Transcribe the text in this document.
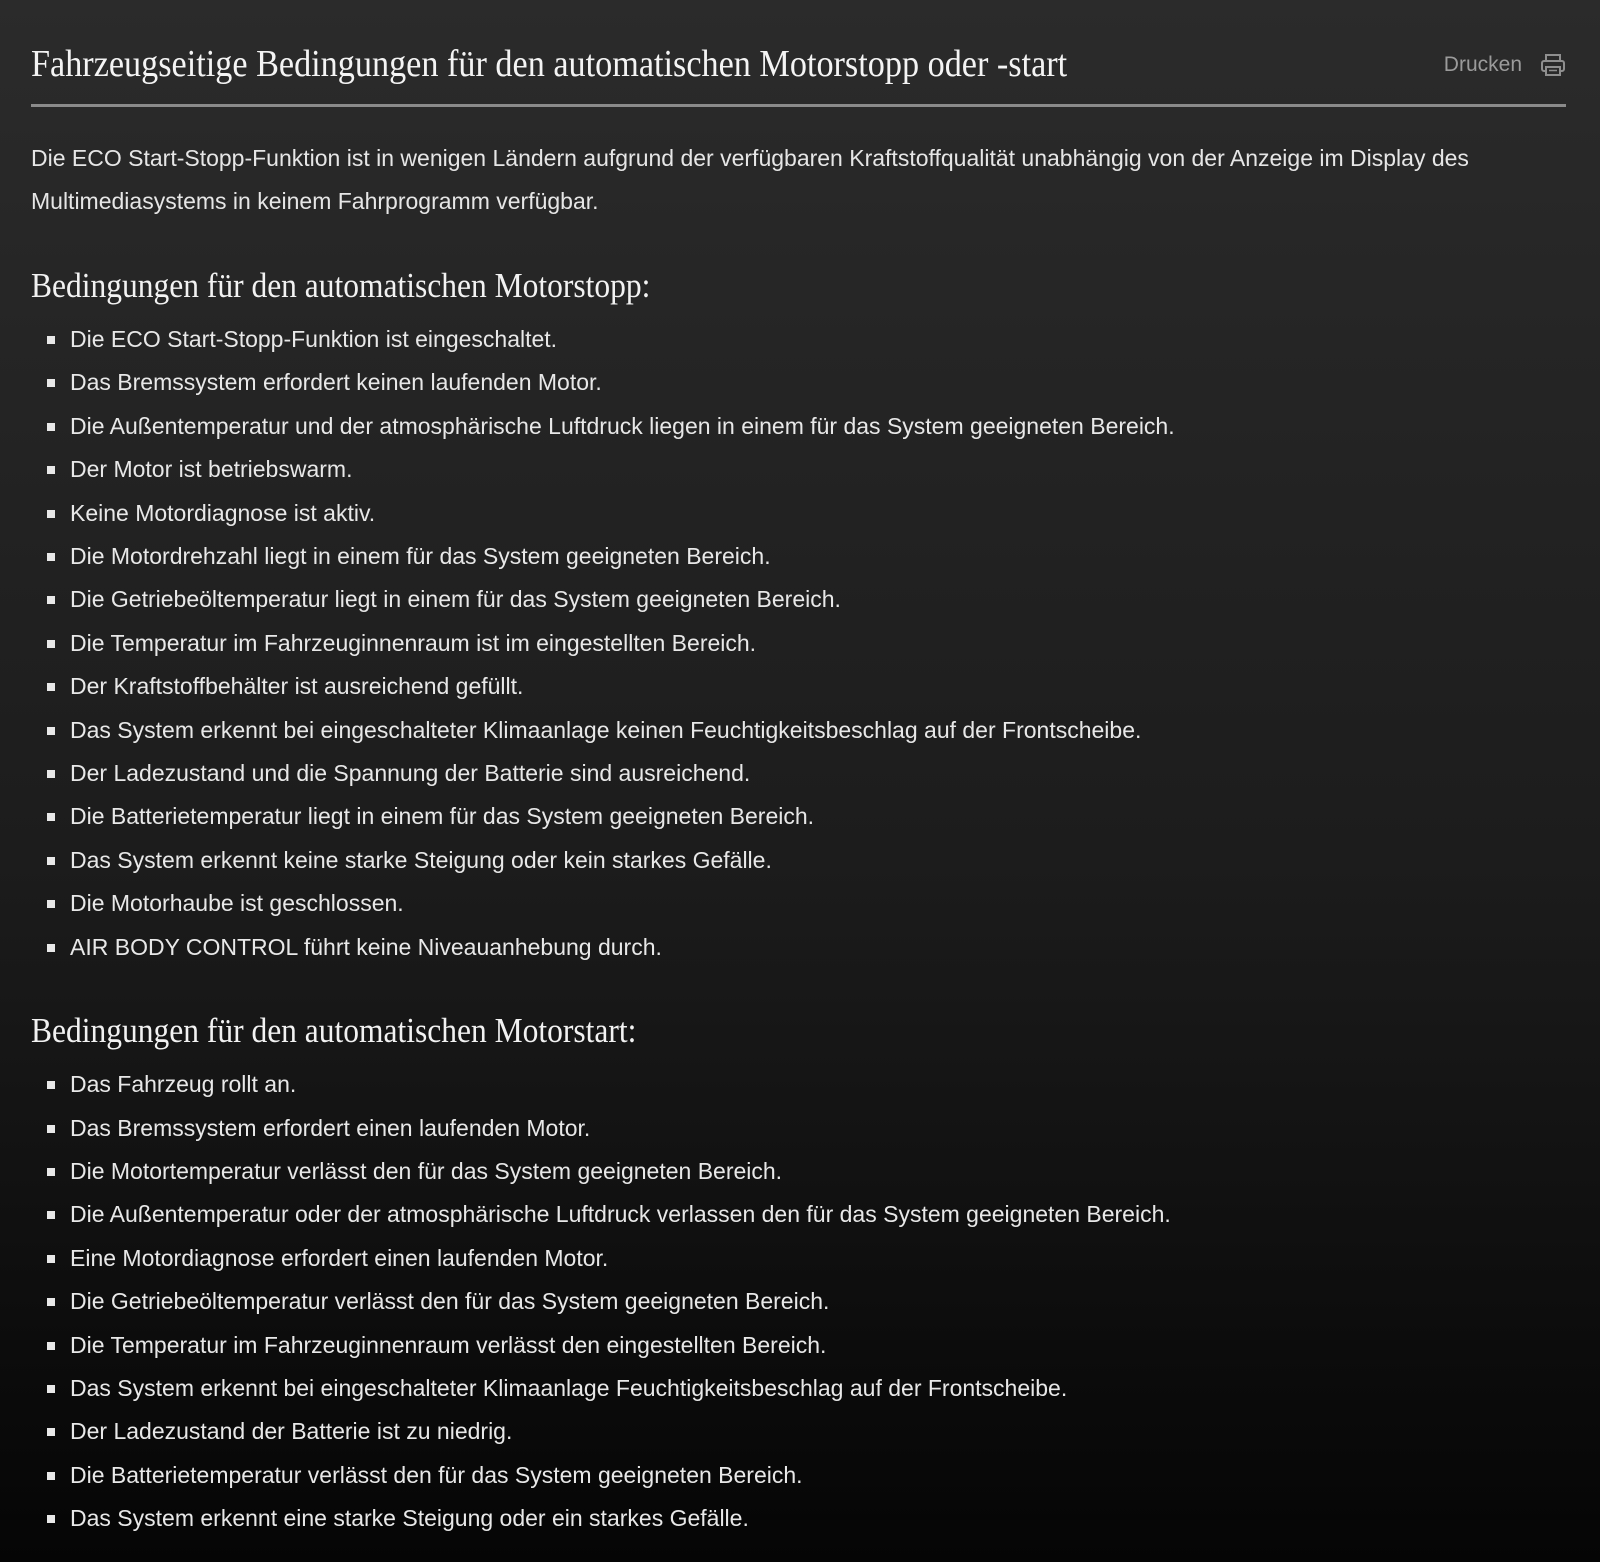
Fahrzeugseitige Bedingungen für den automatischen Motorstopp oder -start	Drucken

Die ECO Start-Stopp-Funktion ist in wenigen Ländern aufgrund der verfügbaren Kraftstoffqualität unabhängig von der Anzeige im Display des Multimediasystems in keinem Fahrprogramm verfügbar.

Bedingungen für den automatischen Motorstopp:
Die ECO Start-Stopp-Funktion ist eingeschaltet.
Das Bremssystem erfordert keinen laufenden Motor.
Die Außentemperatur und der atmosphärische Luftdruck liegen in einem für das System geeigneten Bereich.
Der Motor ist betriebswarm.
Keine Motordiagnose ist aktiv.
Die Motordrehzahl liegt in einem für das System geeigneten Bereich.
Die Getriebeöltemperatur liegt in einem für das System geeigneten Bereich.
Die Temperatur im Fahrzeuginnenraum ist im eingestellten Bereich.
Der Kraftstoffbehälter ist ausreichend gefüllt.
Das System erkennt bei eingeschalteter Klimaanlage keinen Feuchtigkeitsbeschlag auf der Frontscheibe.
Der Ladezustand und die Spannung der Batterie sind ausreichend.
Die Batterietemperatur liegt in einem für das System geeigneten Bereich.
Das System erkennt keine starke Steigung oder kein starkes Gefälle.
Die Motorhaube ist geschlossen.
AIR BODY CONTROL führt keine Niveauanhebung durch.
Bedingungen für den automatischen Motorstart:
Das Fahrzeug rollt an.
Das Bremssystem erfordert einen laufenden Motor.
Die Motortemperatur verlässt den für das System geeigneten Bereich.
Die Außentemperatur oder der atmosphärische Luftdruck verlassen den für das System geeigneten Bereich.
Eine Motordiagnose erfordert einen laufenden Motor.
Die Getriebeöltemperatur verlässt den für das System geeigneten Bereich.
Die Temperatur im Fahrzeuginnenraum verlässt den eingestellten Bereich.
Das System erkennt bei eingeschalteter Klimaanlage Feuchtigkeitsbeschlag auf der Frontscheibe.
Der Ladezustand der Batterie ist zu niedrig.
Die Batterietemperatur verlässt den für das System geeigneten Bereich.
Das System erkennt eine starke Steigung oder ein starkes Gefälle.
